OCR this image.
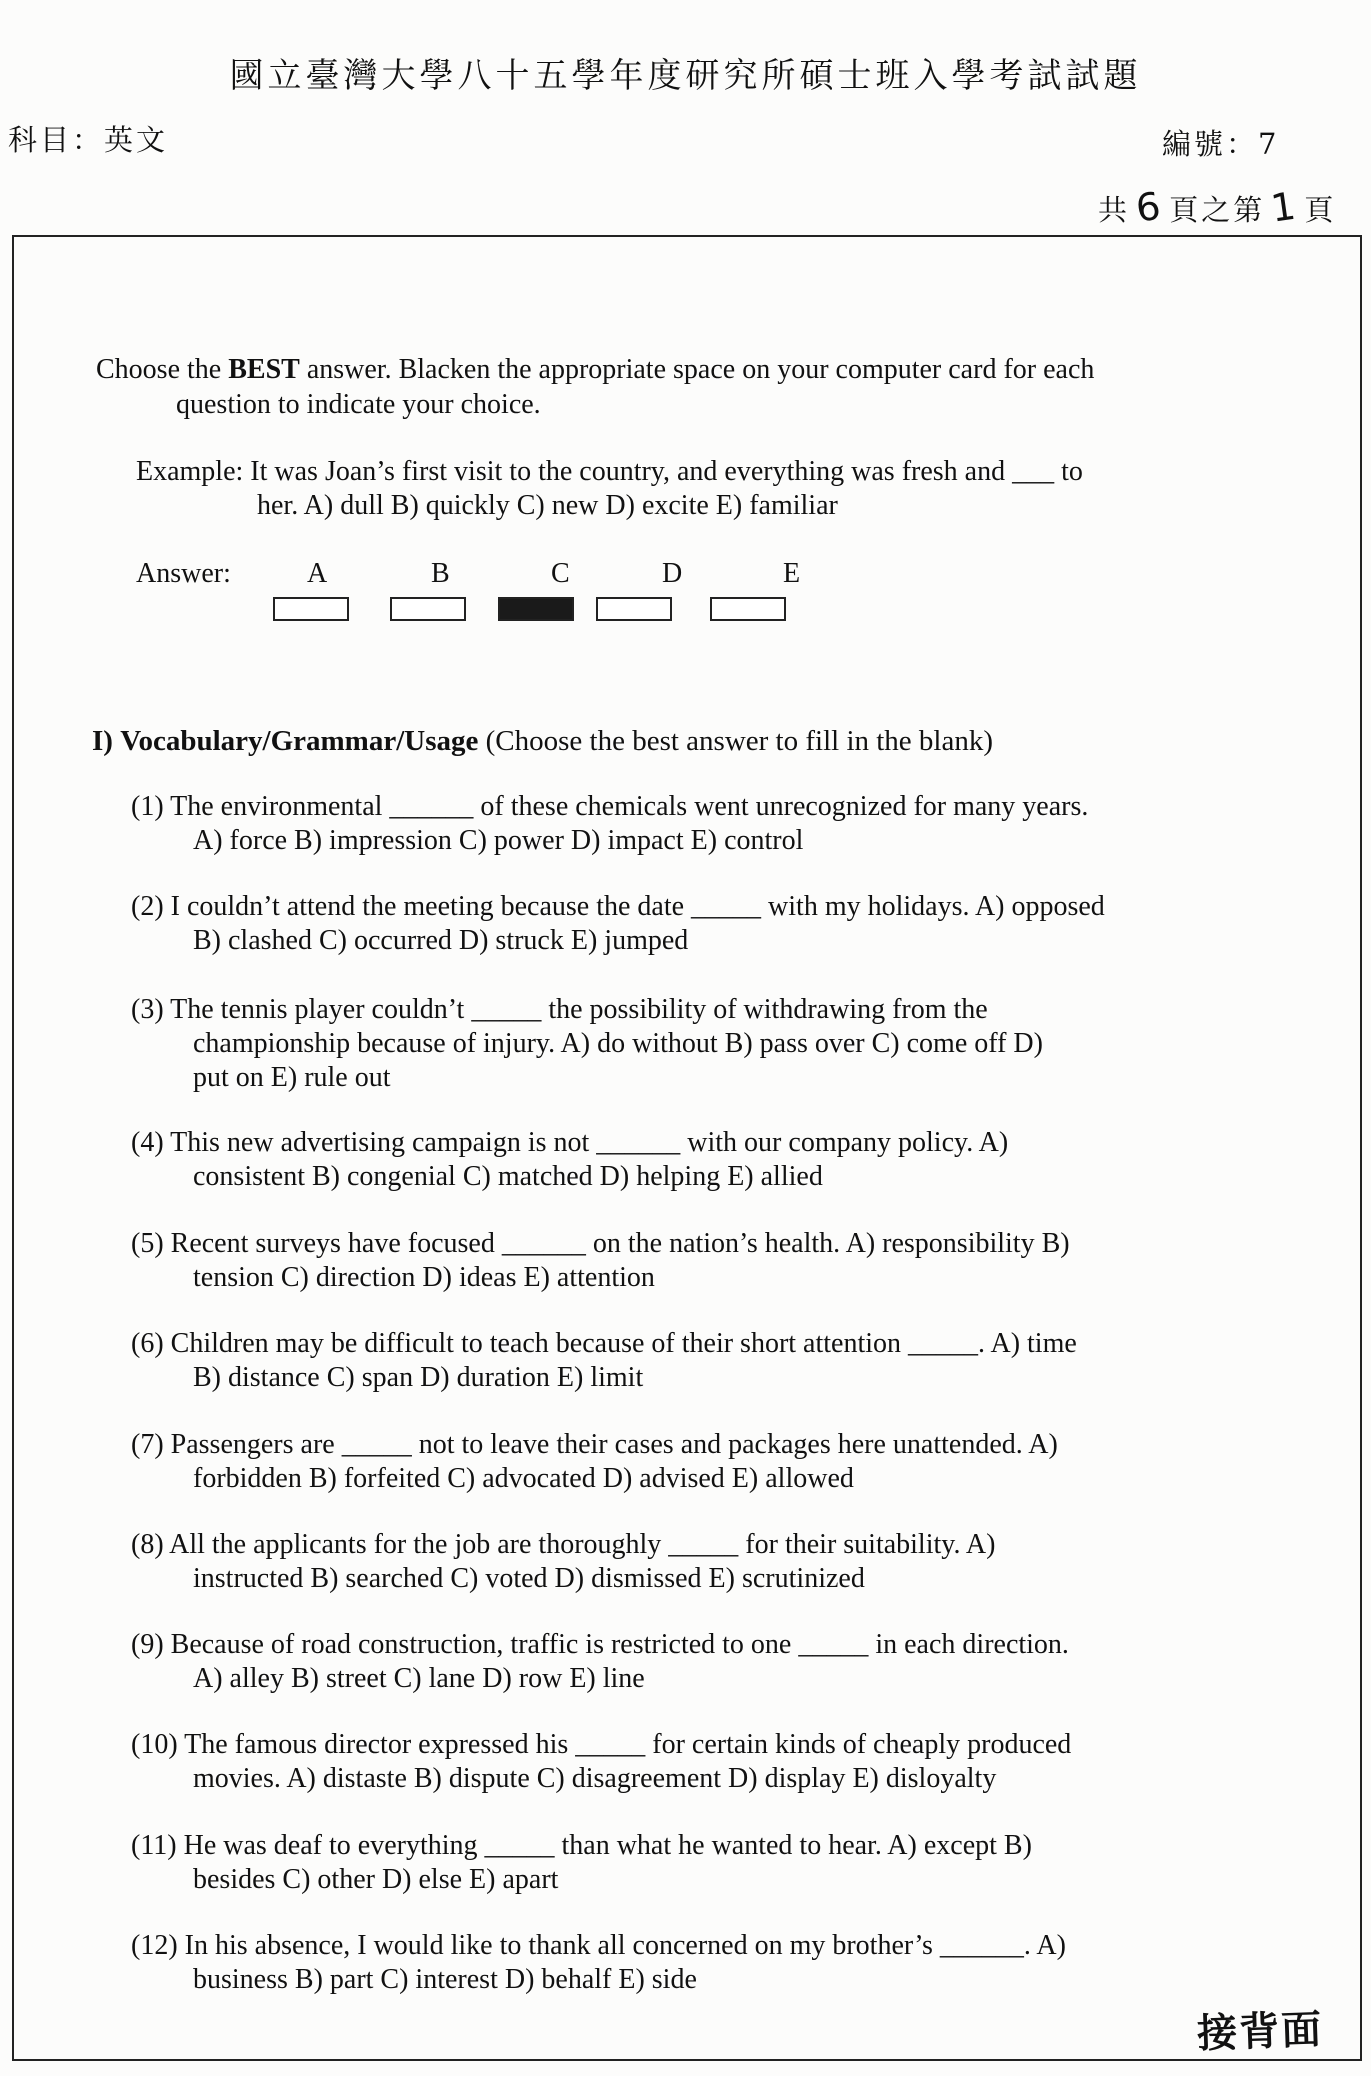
國立臺灣大學八十五學年度研究所碩士班入學考試試題
科目：英文	編號：7
共6 頁之第1 頁
Choose the BEST answer. Blacken the appropriate space on your computer card for each
question to indicate your choice.
Example: It was Joan’s first visit to the country, and everything was fresh and ___ to
her. A) dull B) quickly C) new D) excite E) familiar
Answer:	A	B	C	D	E
I) Vocabulary/Grammar/Usage (Choose the best answer to fill in the blank)
(1) The environmental ______ of these chemicals went unrecognized for many years.
A) force B) impression C) power D) impact E) control
(2) I couldn’t attend the meeting because the date _____ with my holidays. A) opposed
B) clashed C) occurred D) struck E) jumped
(3) The tennis player couldn’t _____ the possibility of withdrawing from the
championship because of injury. A) do without B) pass over C) come off D)
put on E) rule out
(4) This new advertising campaign is not ______ with our company policy. A)
consistent B) congenial C) matched D) helping E) allied
(5) Recent surveys have focused ______ on the nation’s health. A) responsibility B)
tension C) direction D) ideas E) attention
(6) Children may be difficult to teach because of their short attention _____. A) time
B) distance C) span D) duration E) limit
(7) Passengers are _____ not to leave their cases and packages here unattended. A)
forbidden B) forfeited C) advocated D) advised E) allowed
(8) All the applicants for the job are thoroughly _____ for their suitability. A)
instructed B) searched C) voted D) dismissed E) scrutinized
(9) Because of road construction, traffic is restricted to one _____ in each direction.
A) alley B) street C) lane D) row E) line
(10) The famous director expressed his _____ for certain kinds of cheaply produced
movies. A) distaste B) dispute C) disagreement D) display E) disloyalty
(11) He was deaf to everything _____ than what he wanted to hear. A) except B)
besides C) other D) else E) apart
(12) In his absence, I would like to thank all concerned on my brother’s ______. A)
business B) part C) interest D) behalf E) side
接背面
